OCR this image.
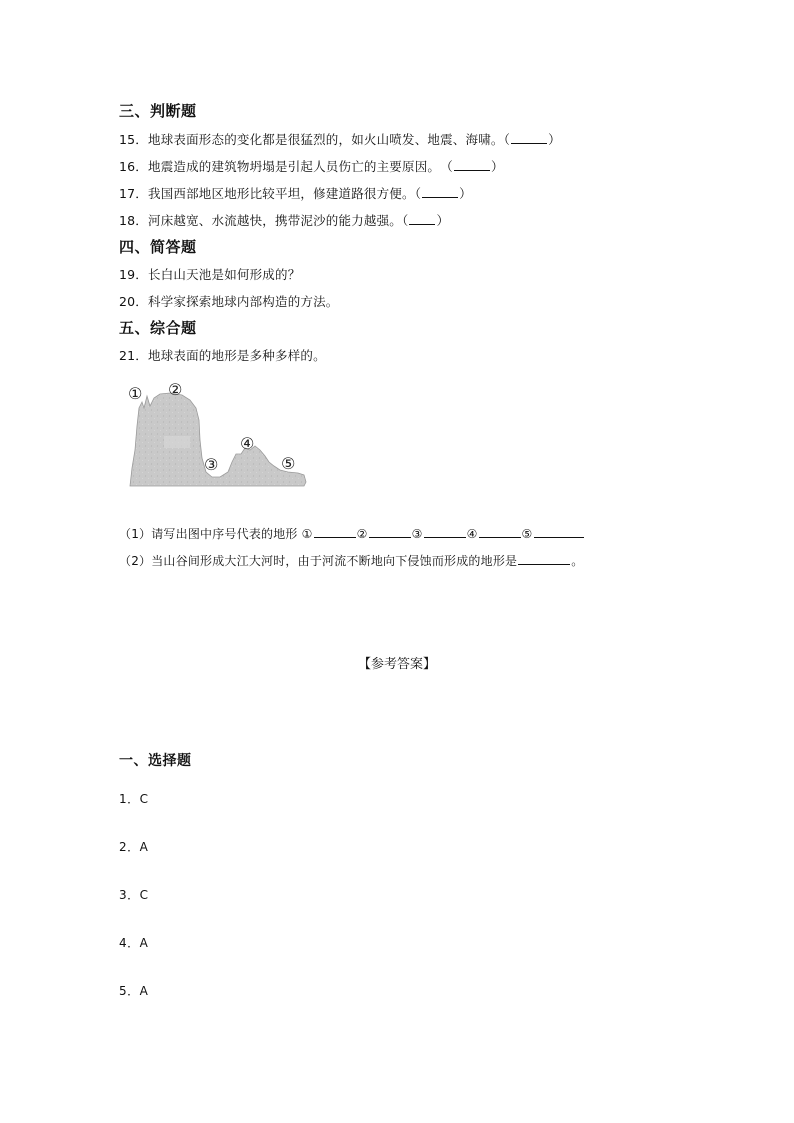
三、判断题
15．地球表面形态的变化都是很猛烈的，如火山喷发、地震、海啸。（	）
16．地震造成的建筑物坍塌是引起人员伤亡的主要原因。　（	）
17．我国西部地区地形比较平坦，修建道路很方便。（	）
18．河床越宽、水流越快，携带泥沙的能力越强。（ ）
四、简答题
19．长白山天池是如何形成的？
20．科学家探索地球内部构造的方法。
五、综合题
21．地球表面的地形是多种多样的。
① ②
③
④
⑤
（1）请写出图中序号代表的地形 ①	②	③	④	⑤
（2）当山谷间形成大江大河时，由于河流不断地向下侵蚀而形成的地形是	。
【参考答案】
一、选择题
1．C
2．A
3．C
4．A
5．A
